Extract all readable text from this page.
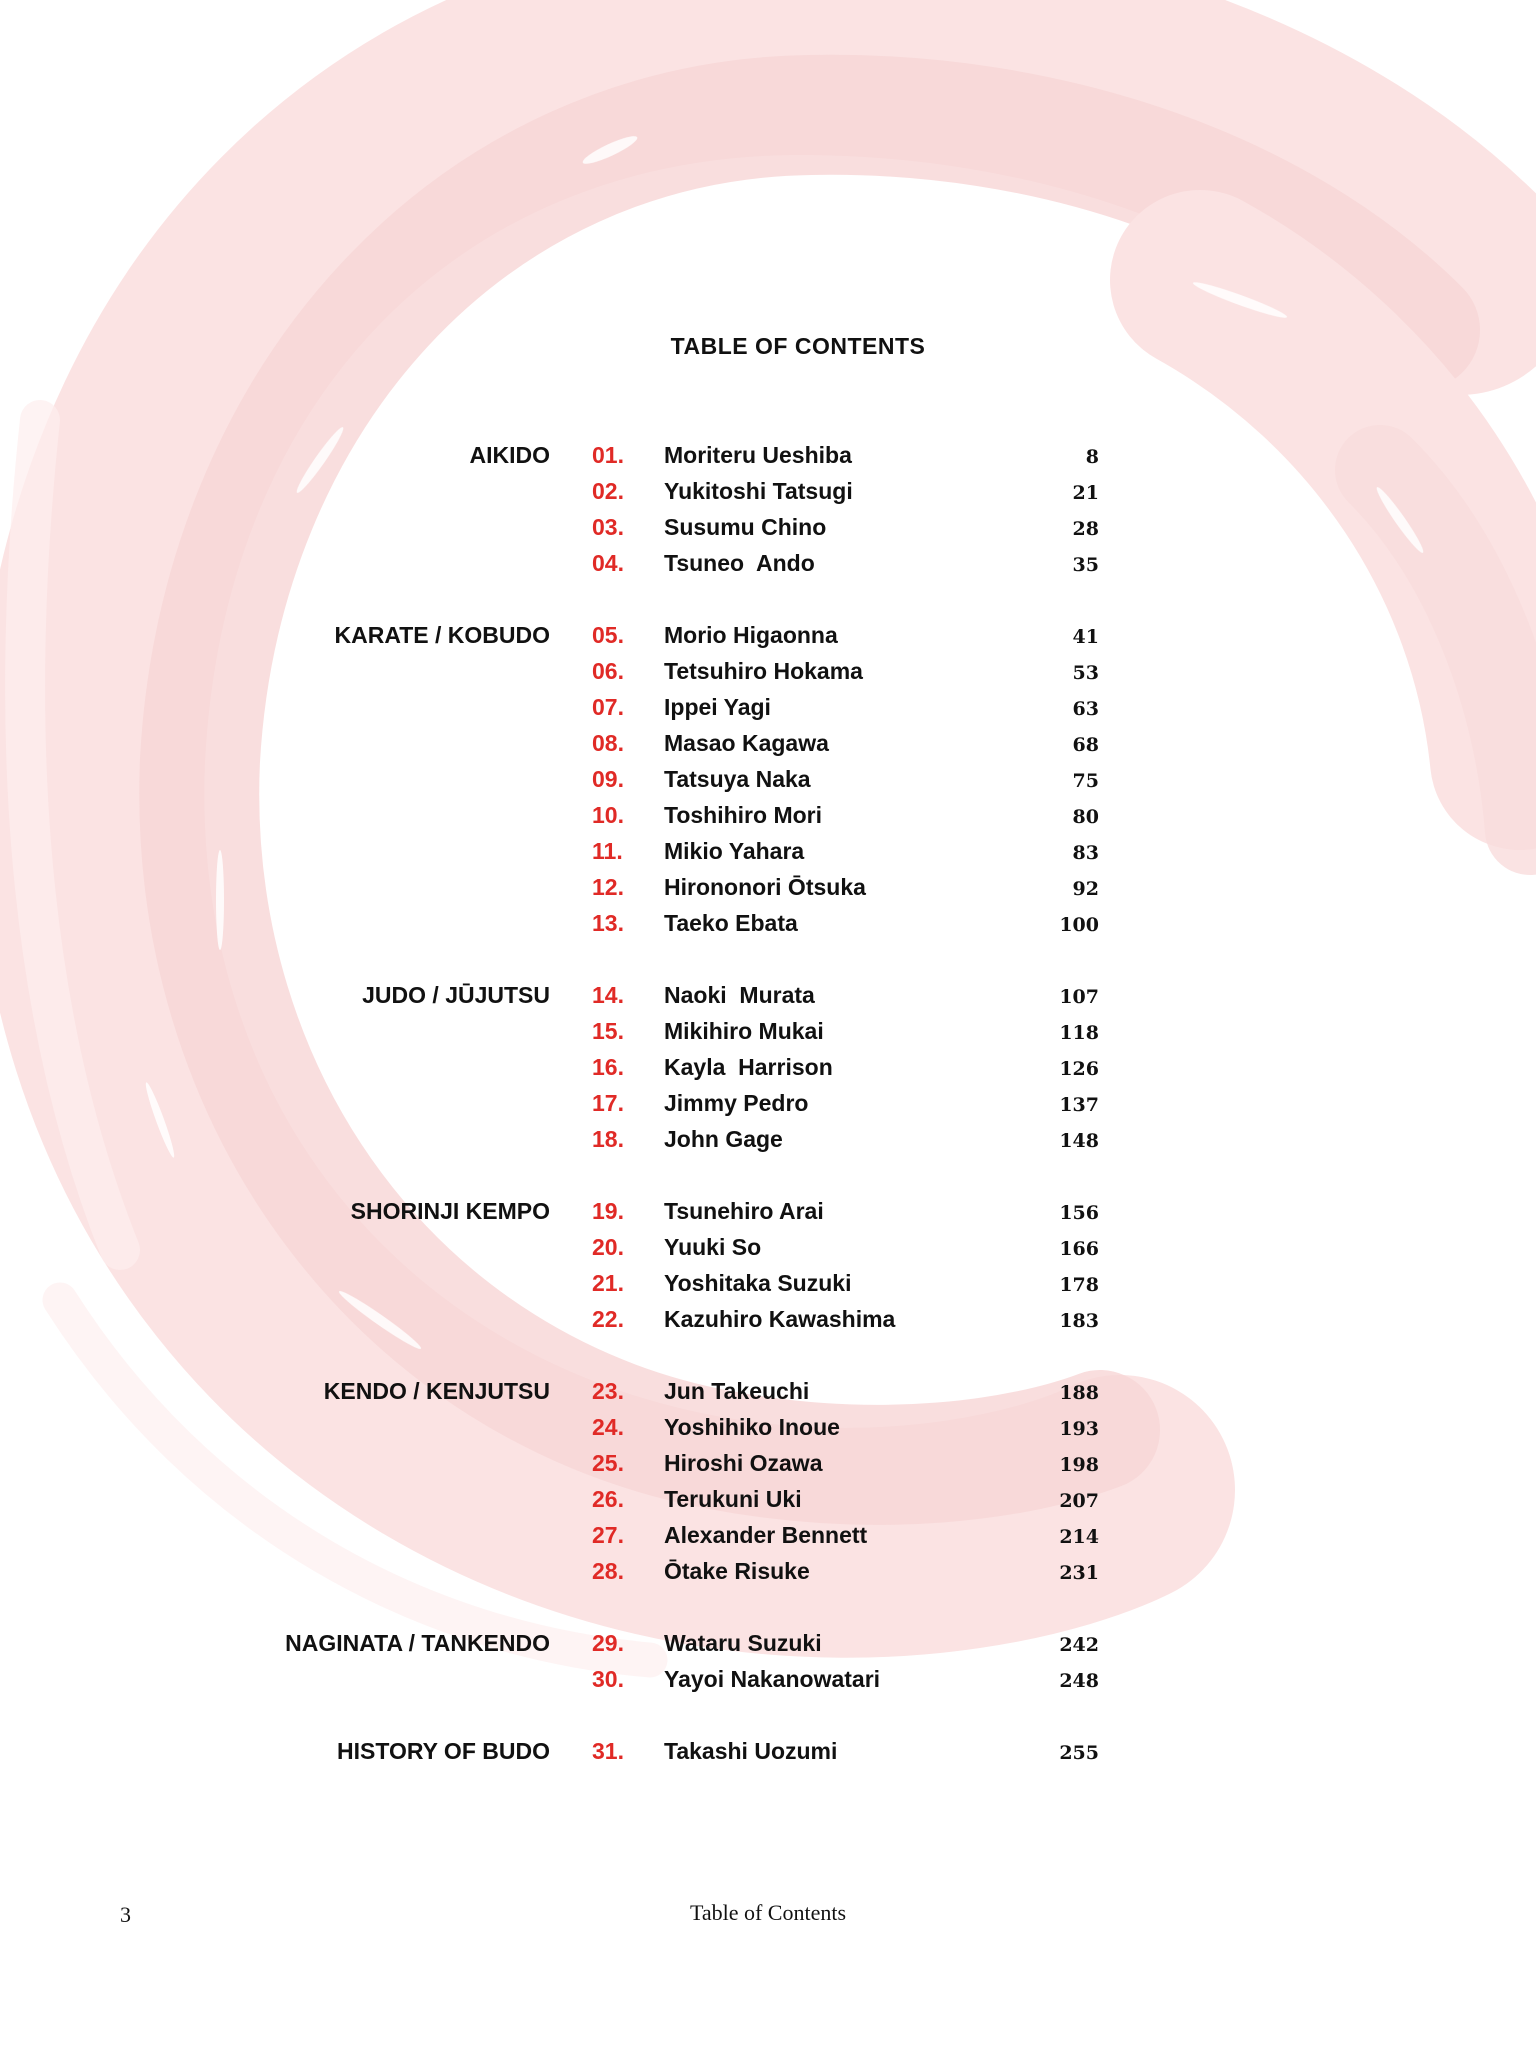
TABLE OF CONTENTS
AIKIDO 01. Moriteru Ueshiba	8
02. Yukitoshi Tatsugi	21
03. Susumu Chino	28
04. Tsuneo  Ando	35
KARATE / KOBUDO 05. Morio Higaonna	41
06. Tetsuhiro Hokama	53
07. Ippei Yagi	63
08. Masao Kagawa	68
09. Tatsuya Naka	75
10. Toshihiro Mori	80
11. Mikio Yahara	83
12. Hirononori Ōtsuka	92
13. Taeko Ebata	100
JUDO / JŪJUTSU 14. Naoki  Murata	107
15. Mikihiro Mukai	118
16. Kayla  Harrison	126
17. Jimmy Pedro	137
18. John Gage	148
SHORINJI KEMPO 19. Tsunehiro Arai	156
20. Yuuki So	166
21. Yoshitaka Suzuki	178
22. Kazuhiro Kawashima	183
KENDO / KENJUTSU 23. Jun Takeuchi	188
24. Yoshihiko Inoue	193
25. Hiroshi Ozawa	198
26. Terukuni Uki	207
27. Alexander Bennett	214
28. Ōtake Risuke	231
NAGINATA / TANKENDO 29. Wataru Suzuki	242
30. Yayoi Nakanowatari	248
HISTORY OF BUDO 31. Takashi Uozumi	255
3	Table of Contents
